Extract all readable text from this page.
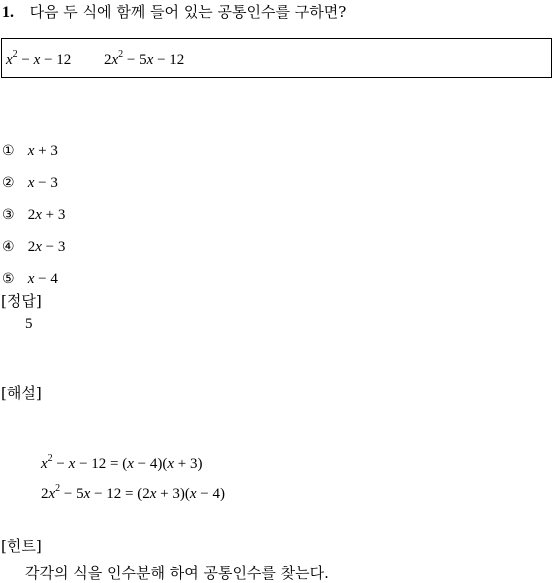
1. 다음 두 식에 함께 들어 있는 공통인수를 구하면?
$x^2 - x - 12$ $2x^2 - 5x - 12$
① x + 3
② x − 3
③ 2x + 3
④ 2x − 3
⑤ x − 4
[정답]
5
[해설]
$x^2 - x - 12 = (x - 4)(x + 3)$
$2x^2 - 5x - 12 = (2x + 3)(x - 4)$
[힌트]
각각의 식을 인수분해 하여 공통인수를 찾는다.
